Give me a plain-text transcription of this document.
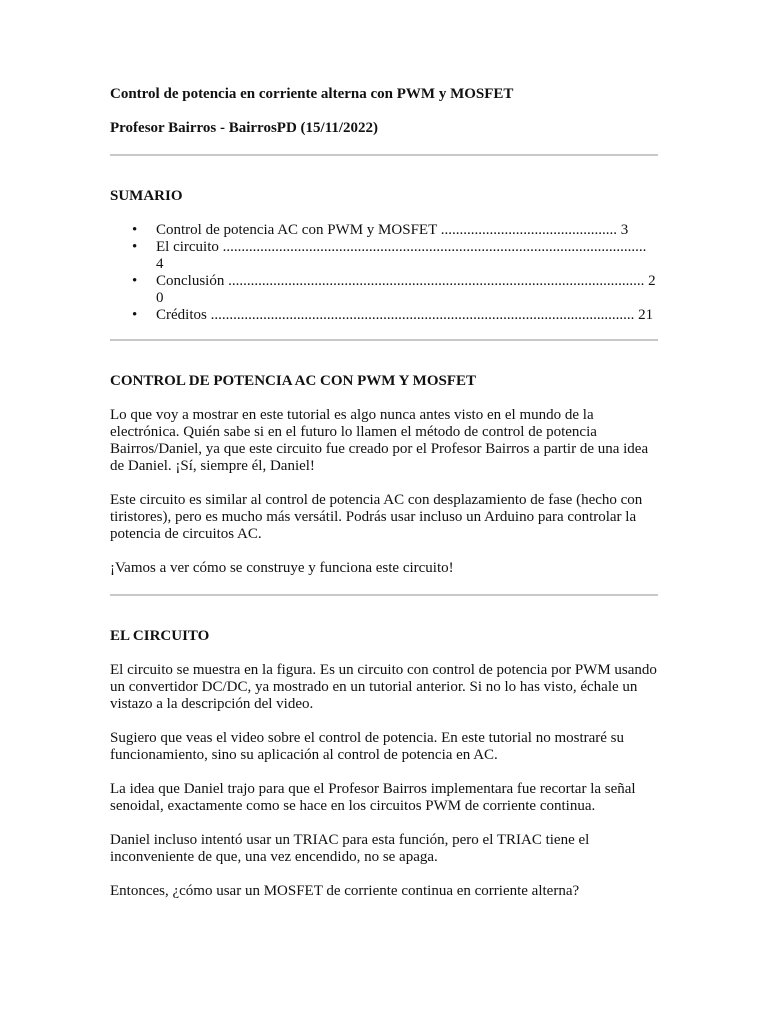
Control de potencia en corriente alterna con PWM y MOSFET

Profesor Bairros - BairrosPD (15/11/2022)

SUMARIO

• Control de potencia AC con PWM y MOSFET ............................................... 3
• El circuito ................................................................................................................. 4
• Conclusión ............................................................................................................... 20
• Créditos ................................................................................................................. 21

CONTROL DE POTENCIA AC CON PWM Y MOSFET

Lo que voy a mostrar en este tutorial es algo nunca antes visto en el mundo de la electrónica. Quién sabe si en el futuro lo llamen el método de control de potencia Bairros/Daniel, ya que este circuito fue creado por el Profesor Bairros a partir de una idea de Daniel. ¡Sí, siempre él, Daniel!

Este circuito es similar al control de potencia AC con desplazamiento de fase (hecho con tiristores), pero es mucho más versátil. Podrás usar incluso un Arduino para controlar la potencia de circuitos AC.

¡Vamos a ver cómo se construye y funciona este circuito!

EL CIRCUITO

El circuito se muestra en la figura. Es un circuito con control de potencia por PWM usando un convertidor DC/DC, ya mostrado en un tutorial anterior. Si no lo has visto, échale un vistazo a la descripción del video.

Sugiero que veas el video sobre el control de potencia. En este tutorial no mostraré su funcionamiento, sino su aplicación al control de potencia en AC.

La idea que Daniel trajo para que el Profesor Bairros implementara fue recortar la señal senoidal, exactamente como se hace en los circuitos PWM de corriente continua.

Daniel incluso intentó usar un TRIAC para esta función, pero el TRIAC tiene el inconveniente de que, una vez encendido, no se apaga.

Entonces, ¿cómo usar un MOSFET de corriente continua en corriente alterna?
